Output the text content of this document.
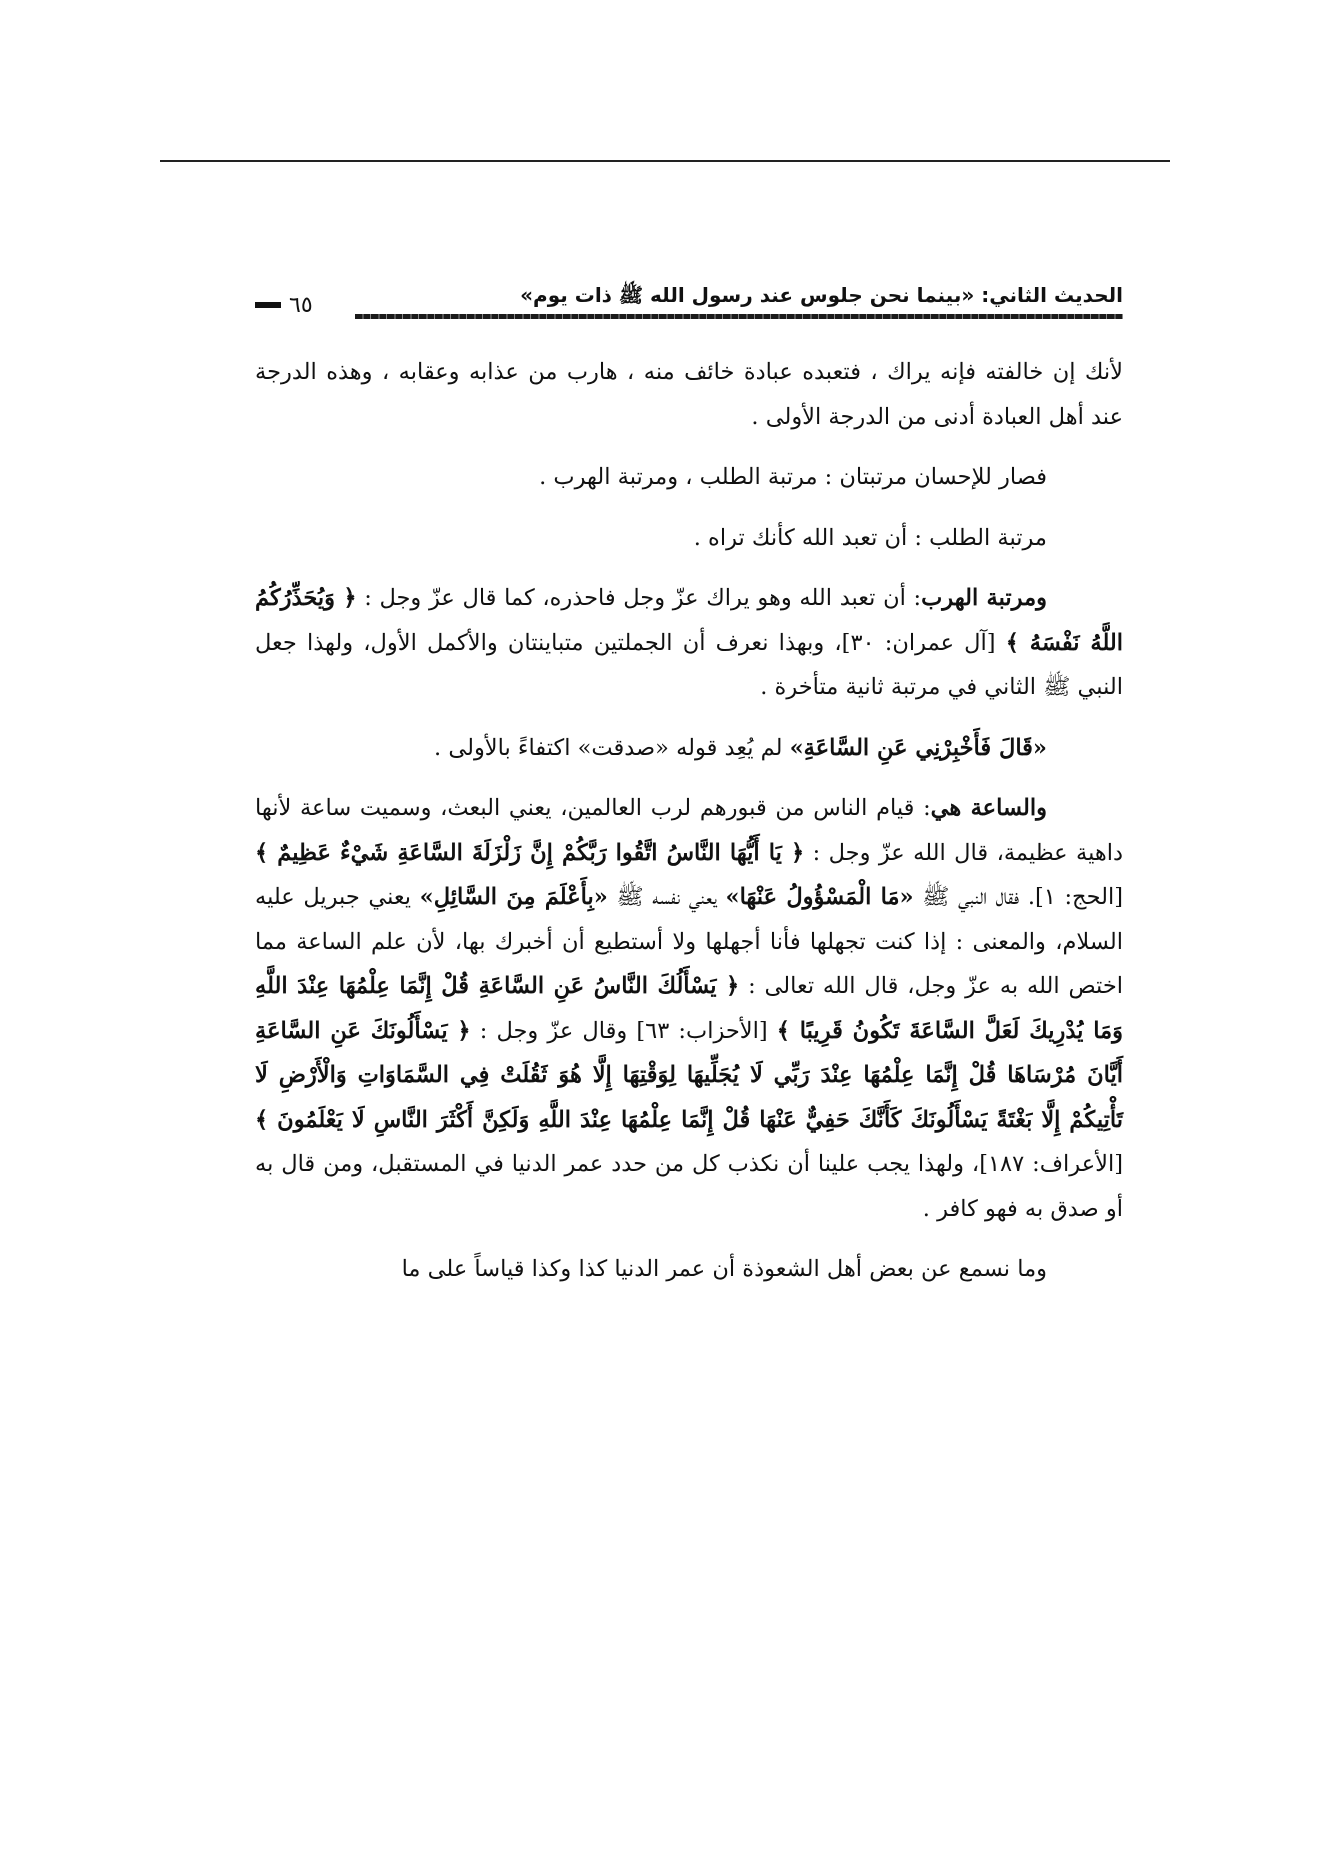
الحديث الثاني: «بينما نحن جلوس عند رسول الله ﷺ ذات يوم»
٦٥

لأنك إن خالفته فإنه يراك ، فتعبده عبادة خائف منه ، هارب من عذابه وعقابه ، وهذه الدرجة عند أهل العبادة أدنى من الدرجة الأولى .

فصار للإحسان مرتبتان : مرتبة الطلب ، ومرتبة الهرب .

مرتبة الطلب : أن تعبد الله كأنك تراه .

ومرتبة الهرب: أن تعبد الله وهو يراك عزّ وجل فاحذره، كما قال عزّ وجل : ﴿ وَيُحَذِّرُكُمُ اللَّهُ نَفْسَهُ ﴾ [آل عمران: ٣٠]، وبهذا نعرف أن الجملتين متباينتان والأكمل الأول، ولهذا جعل النبي ﷺ الثاني في مرتبة ثانية متأخرة .

«قَالَ فَأَخْبِرْنِي عَنِ السَّاعَةِ» لم يُعِد قوله «صدقت» اكتفاءً بالأولى .

والساعة هي: قيام الناس من قبورهم لرب العالمين، يعني البعث، وسميت ساعة لأنها داهية عظيمة، قال الله عزّ وجل : ﴿ يَا أَيُّهَا النَّاسُ اتَّقُوا رَبَّكُمْ إِنَّ زَلْزَلَةَ السَّاعَةِ شَيْءٌ عَظِيمٌ ﴾ [الحج: ١]. فقال النبي ﷺ «مَا الْمَسْؤُولُ عَنْهَا» يعني نفسه ﷺ «بِأَعْلَمَ مِنَ السَّائِلِ» يعني جبريل عليه السلام، والمعنى : إذا كنت تجهلها فأنا أجهلها ولا أستطيع أن أخبرك بها، لأن علم الساعة مما اختص الله به عزّ وجل، قال الله تعالى : ﴿ يَسْأَلُكَ النَّاسُ عَنِ السَّاعَةِ قُلْ إِنَّمَا عِلْمُهَا عِنْدَ اللَّهِ وَمَا يُدْرِيكَ لَعَلَّ السَّاعَةَ تَكُونُ قَرِيبًا ﴾ [الأحزاب: ٦٣] وقال عزّ وجل : ﴿ يَسْأَلُونَكَ عَنِ السَّاعَةِ أَيَّانَ مُرْسَاهَا قُلْ إِنَّمَا عِلْمُهَا عِنْدَ رَبِّي لَا يُجَلِّيهَا لِوَقْتِهَا إِلَّا هُوَ ثَقُلَتْ فِي السَّمَاوَاتِ وَالْأَرْضِ لَا تَأْتِيكُمْ إِلَّا بَغْتَةً يَسْأَلُونَكَ كَأَنَّكَ حَفِيٌّ عَنْهَا قُلْ إِنَّمَا عِلْمُهَا عِنْدَ اللَّهِ وَلَكِنَّ أَكْثَرَ النَّاسِ لَا يَعْلَمُونَ ﴾ [الأعراف: ١٨٧]، ولهذا يجب علينا أن نكذب كل من حدد عمر الدنيا في المستقبل، ومن قال به أو صدق به فهو كافر .

وما نسمع عن بعض أهل الشعوذة أن عمر الدنيا كذا وكذا قياساً على ما
